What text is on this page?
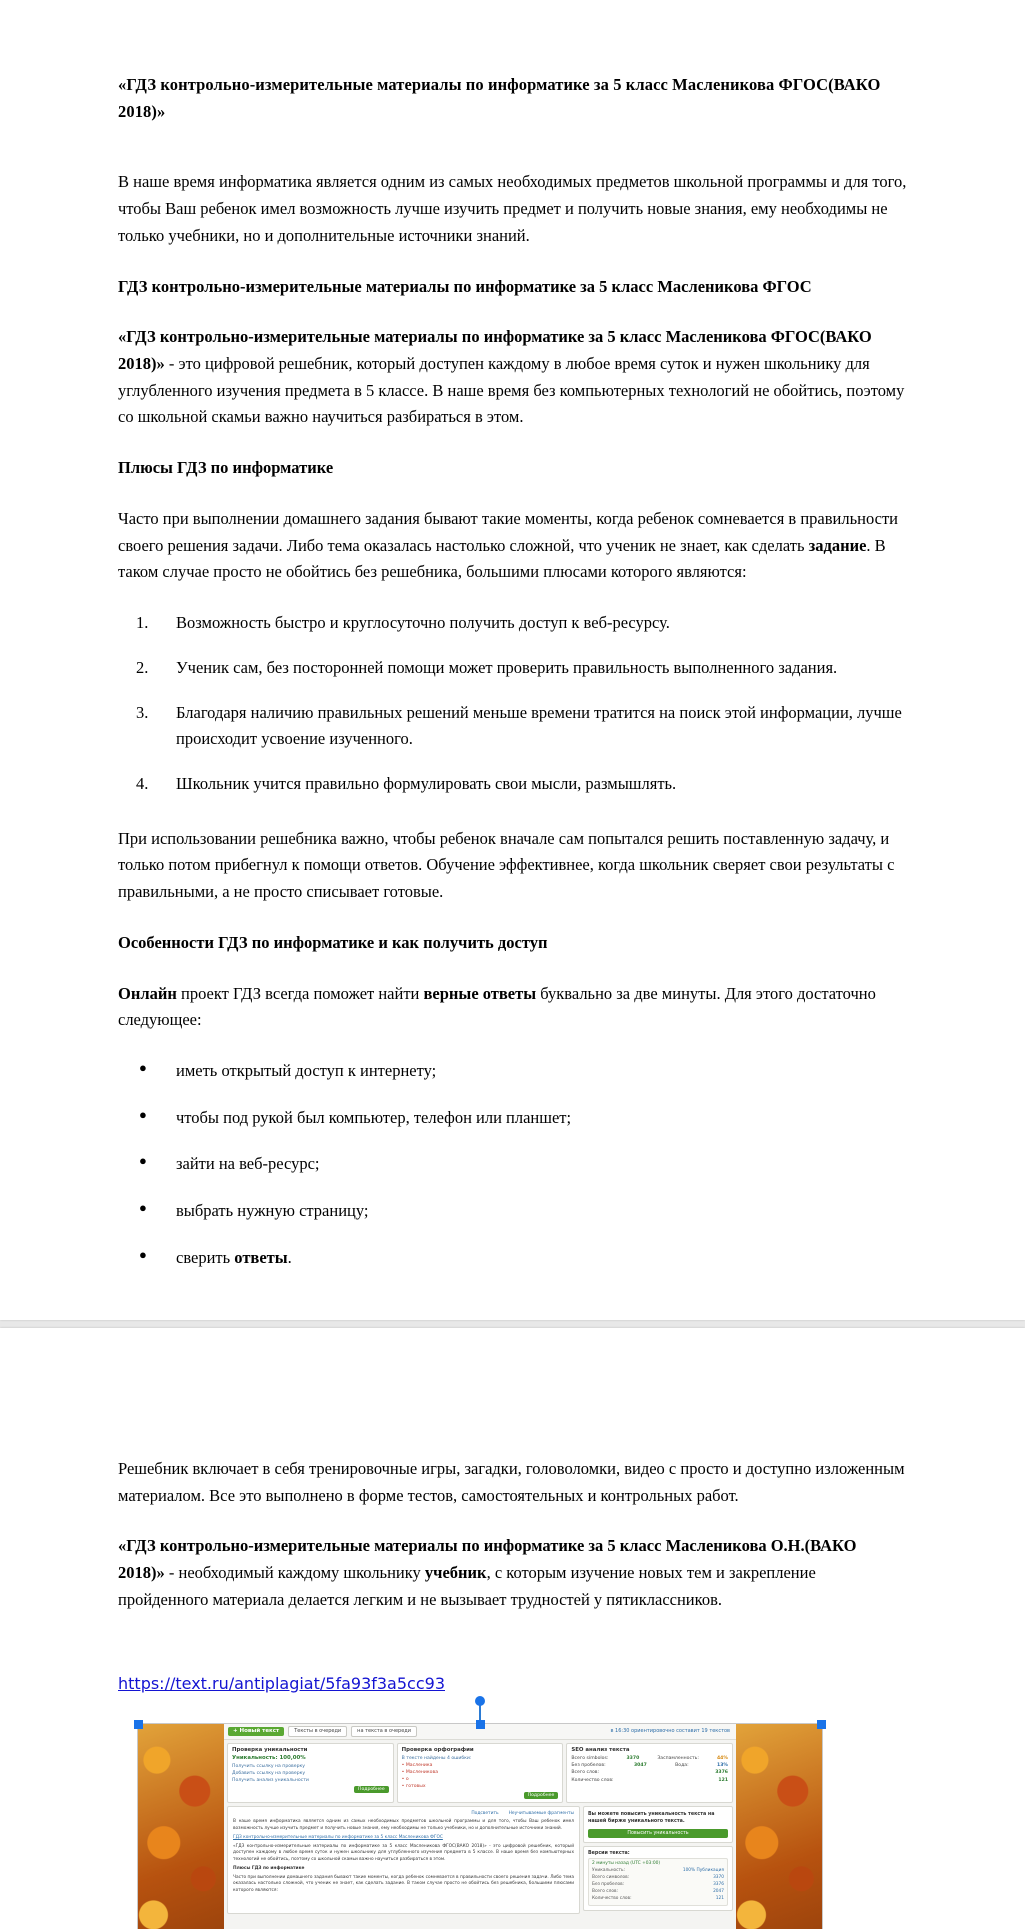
«ГДЗ контрольно-измерительные материалы по информатике за 5 класс Масленикова ФГОС(ВАКО 2018)»

В наше время информатика является одним из самых необходимых предметов школьной программы и для того, чтобы Ваш ребенок имел возможность лучше изучить предмет и получить новые знания, ему необходимы не только учебники, но и дополнительные источники знаний.

ГДЗ контрольно-измерительные материалы по информатике за 5 класс Масленикова ФГОС

«ГДЗ контрольно-измерительные материалы по информатике за 5 класс Масленикова ФГОС(ВАКО 2018)» - это цифровой решебник, который доступен каждому в любое время суток и нужен школьнику для углубленного изучения предмета в 5 классе. В наше время без компьютерных технологий не обойтись, поэтому со школьной скамьи важно научиться разбираться в этом.

Плюсы ГДЗ по информатике

Часто при выполнении домашнего задания бывают такие моменты, когда ребенок сомневается в правильности своего решения задачи. Либо тема оказалась настолько сложной, что ученик не знает, как сделать задание. В таком случае просто не обойтись без решебника, большими плюсами которого являются:

1.	Возможность быстро и круглосуточно получить доступ к веб-ресурсу.
2.	Ученик сам, без посторонней помощи может проверить правильность выполненного задания.
3.	Благодаря наличию правильных решений меньше времени тратится на поиск этой информации, лучше происходит усвоение изученного.
4.	Школьник учится правильно формулировать свои мысли, размышлять.

При использовании решебника важно, чтобы ребенок вначале сам попытался решить поставленную задачу, и только потом прибегнул к помощи ответов. Обучение эффективнее, когда школьник сверяет свои результаты с правильными, а не просто списывает готовые.

Особенности ГДЗ по информатике и как получить доступ

Онлайн проект ГДЗ всегда поможет найти верные ответы буквально за две минуты. Для этого достаточно следующее:

● иметь открытый доступ к интернету;
● чтобы под рукой был компьютер, телефон или планшет;
● зайти на веб-ресурс;
● выбрать нужную страницу;
● сверить ответы.

Решебник включает в себя тренировочные игры, загадки, головоломки, видео с просто и доступно изложенным материалом. Все это выполнено в форме тестов, самостоятельных и контрольных работ.

«ГДЗ контрольно-измерительные материалы по информатике за 5 класс Масленикова О.Н.(ВАКО 2018)» - необходимый каждому школьнику учебник, с которым изучение новых тем и закрепление пройденного материала делается легким и не вызывает трудностей у пятиклассников.

https://text.ru/antiplagiat/5fa93f3a5cc93

+ Новый текст	Тексты в очереди	на текста в очереди	в 16:30 ориентировочно составит 19 текстов
Проверка уникальности
Уникальность: 100,00%
Получить ссылку на проверку
Добавить ссылку на проверку
Получить анализ уникальности
Подробнее
Проверка орфографии
В тексте найдены 4 ошибки:
• Масленика
• Масленикова
• о
• готовых
Подробнее
SEO анализ текста
Всего símbolos:	3370	Заспамленность:	44%
Без пробелов:	3047	Вода:	13%
Всего слов:	3376
Количество слов:	121
Подсветить Неучитываемые фрагменты

В наше время информатика является одним из самых необходимых предметов школьной программы и для того, чтобы Ваш ребенок имел возможность лучше изучить предмет и получить новые знания, ему необходимы не только учебники, но и дополнительные источники знаний.

ГДЗ контрольно-измерительные материалы по информатике за 5 класс Масленикова ФГОС

«ГДЗ контрольно-измерительные материалы по информатике за 5 класс Масленикова ФГОС(ВАКО 2018)» - это цифровой решебник, который доступен каждому в любое время суток и нужен школьнику для углубленного изучения предмета в 5 классе. В наше время без компьютерных технологий не обойтись, поэтому со школьной скамьи важно научиться разбираться в этом.

Плюсы ГДЗ по информатике

Часто при выполнении домашнего задания бывают такие моменты, когда ребенок сомневается в правильности своего решения задачи. Либо тема оказалась настолько сложной, что ученик не знает, как сделать задание. В таком случае просто не обойтись без решебника, большими плюсами которого являются:

Вы можете повысить уникальность текста на нашей бирже уникального текста.
Повысить уникальность
Версии текста:
2 минуты назад (UTC +03:00)
Уникальность:	100% Публикация
Всего символов:	3370
Без пробелов:	3376
Всего слов:	2047
Количество слов:	121
